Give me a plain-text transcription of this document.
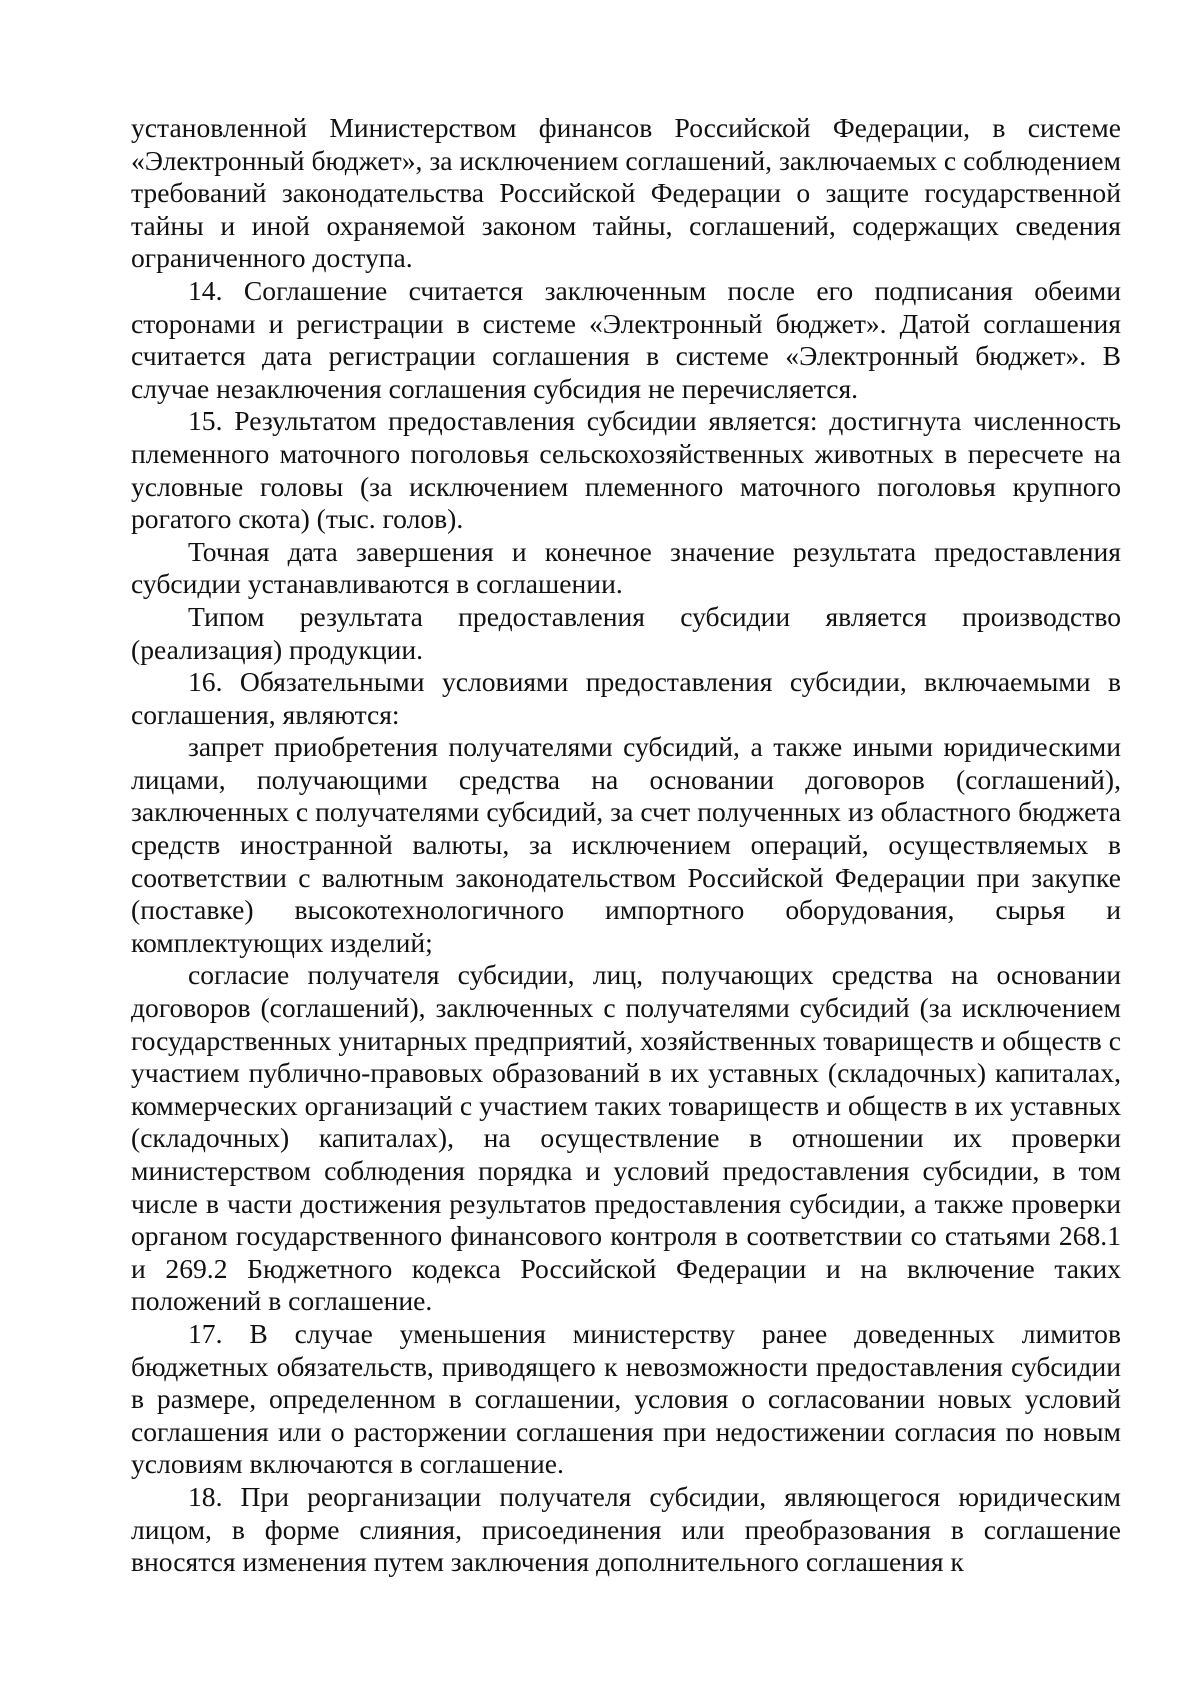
установленной Министерством финансов Российской Федерации, в системе «Электронный бюджет», за исключением соглашений, заключаемых с соблюдением требований законодательства Российской Федерации о защите государственной тайны и иной охраняемой законом тайны, соглашений, содержащих сведения ограниченного доступа.

14. Соглашение считается заключенным после его подписания обеими сторонами и регистрации в системе «Электронный бюджет». Датой соглашения считается дата регистрации соглашения в системе «Электронный бюджет». В случае незаключения соглашения субсидия не перечисляется.

15. Результатом предоставления субсидии является: достигнута численность племенного маточного поголовья сельскохозяйственных животных в пересчете на условные головы (за исключением племенного маточного поголовья крупного рогатого скота) (тыс. голов).

Точная дата завершения и конечное значение результата предоставления субсидии устанавливаются в соглашении.

Типом результата предоставления субсидии является производство (реализация) продукции.

16. Обязательными условиями предоставления субсидии, включаемыми в соглашения, являются:

запрет приобретения получателями субсидий, а также иными юридическими лицами, получающими средства на основании договоров (соглашений), заключенных с получателями субсидий, за счет полученных из областного бюджета средств иностранной валюты, за исключением операций, осуществляемых в соответствии с валютным законодательством Российской Федерации при закупке (поставке) высокотехнологичного импортного оборудования, сырья и комплектующих изделий;

согласие получателя субсидии, лиц, получающих средства на основании договоров (соглашений), заключенных с получателями субсидий (за исключением государственных унитарных предприятий, хозяйственных товариществ и обществ с участием публично-правовых образований в их уставных (складочных) капиталах, коммерческих организаций с участием таких товариществ и обществ в их уставных (складочных) капиталах), на осуществление в отношении их проверки министерством соблюдения порядка и условий предоставления субсидии, в том числе в части достижения результатов предоставления субсидии, а также проверки органом государственного финансового контроля в соответствии со статьями 268.1 и 269.2 Бюджетного кодекса Российской Федерации и на включение таких положений в соглашение.

17. В случае уменьшения министерству ранее доведенных лимитов бюджетных обязательств, приводящего к невозможности предоставления субсидии в размере, определенном в соглашении, условия о согласовании новых условий соглашения или о расторжении соглашения при недостижении согласия по новым условиям включаются в соглашение.

18. При реорганизации получателя субсидии, являющегося юридическим лицом, в форме слияния, присоединения или преобразования в соглашение вносятся изменения путем заключения дополнительного соглашения к
